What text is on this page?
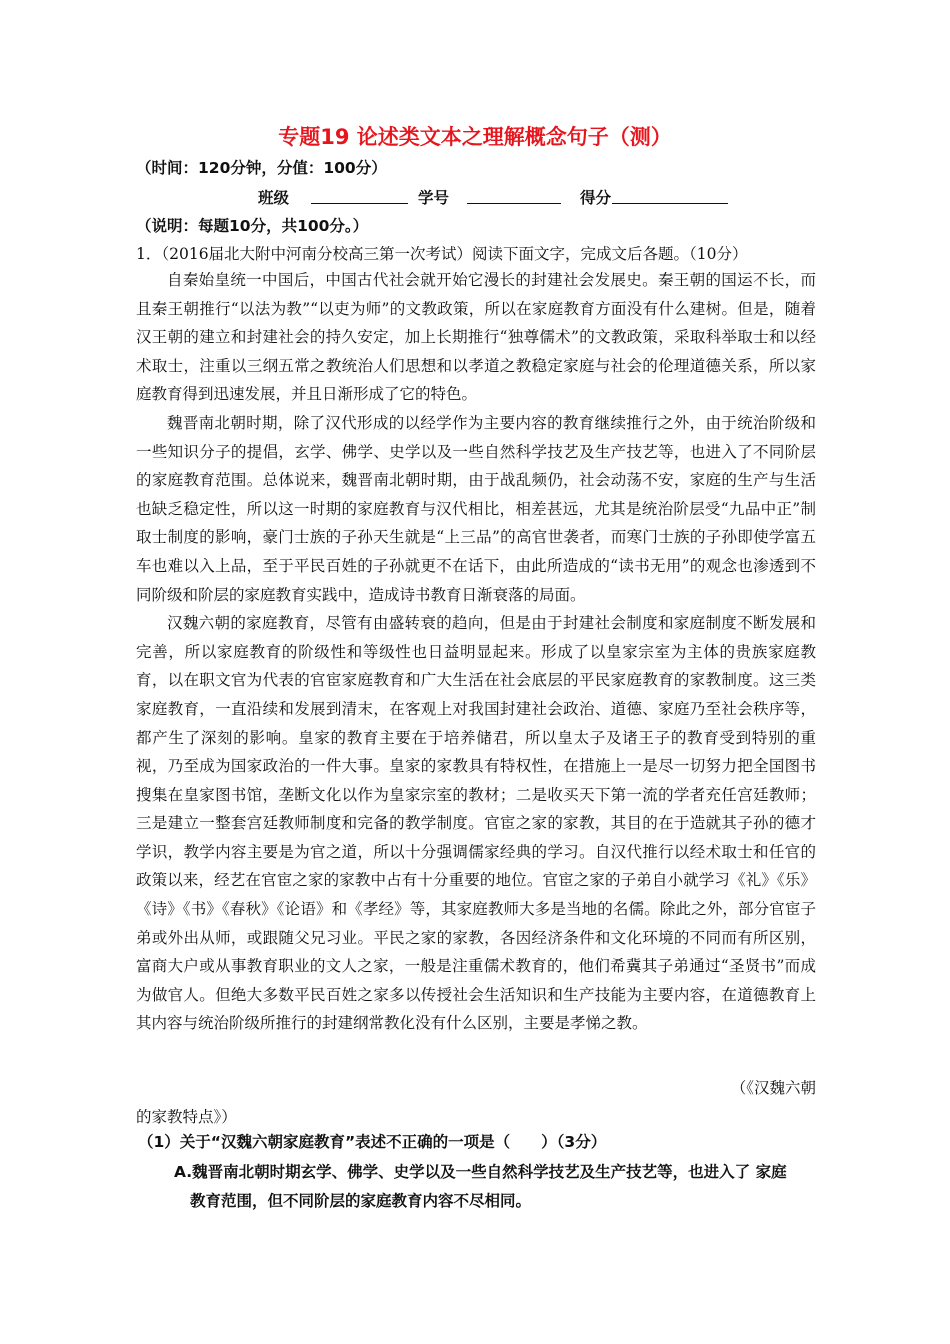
专题19 论述类文本之理解概念句子（测）
（时间：120分钟，分值：100分）
班级	学号	得分
（说明：每题10分，共100分。）
1．（2016届北大附中河南分校高三第一次考试）阅读下面文字，完成文后各题。（10分）

自秦始皇统一中国后，中国古代社会就开始它漫长的封建社会发展史。秦王朝的国运不长，而且秦王朝推行“以法为教”“以吏为师”的文教政策，所以在家庭教育方面没有什么建树。但是，随着汉王朝的建立和封建社会的持久安定，加上长期推行“独尊儒术”的文教政策，采取科举取士和以经术取士，注重以三纲五常之教统治人们思想和以孝道之教稳定家庭与社会的伦理道德关系，所以家庭教育得到迅速发展，并且日渐形成了它的特色。

魏晋南北朝时期，除了汉代形成的以经学作为主要内容的教育继续推行之外，由于统治阶级和一些知识分子的提倡，玄学、佛学、史学以及一些自然科学技艺及生产技艺等，也进入了不同阶层的家庭教育范围。总体说来，魏晋南北朝时期，由于战乱频仍，社会动荡不安，家庭的生产与生活也缺乏稳定性，所以这一时期的家庭教育与汉代相比，相差甚远，尤其是统治阶层受“九品中正”制取士制度的影响，豪门士族的子孙天生就是“上三品”的高官世袭者，而寒门士族的子孙即使学富五车也难以入上品，至于平民百姓的子孙就更不在话下，由此所造成的“读书无用”的观念也渗透到不同阶级和阶层的家庭教育实践中，造成诗书教育日渐衰落的局面。

汉魏六朝的家庭教育，尽管有由盛转衰的趋向，但是由于封建社会制度和家庭制度不断发展和完善，所以家庭教育的阶级性和等级性也日益明显起来。形成了以皇家宗室为主体的贵族家庭教育，以在职文官为代表的官宦家庭教育和广大生活在社会底层的平民家庭教育的家教制度。这三类家庭教育，一直沿续和发展到清末，在客观上对我国封建社会政治、道德、家庭乃至社会秩序等，都产生了深刻的影响。皇家的教育主要在于培养储君，所以皇太子及诸王子的教育受到特别的重视，乃至成为国家政治的一件大事。皇家的家教具有特权性，在措施上一是尽一切努力把全国图书搜集在皇家图书馆，垄断文化以作为皇家宗室的教材；二是收买天下第一流的学者充任宫廷教师；三是建立一整套宫廷教师制度和完备的教学制度。官宦之家的家教，其目的在于造就其子孙的德才学识，教学内容主要是为官之道，所以十分强调儒家经典的学习。自汉代推行以经术取士和任官的政策以来，经艺在官宦之家的家教中占有十分重要的地位。官宦之家的子弟自小就学习《礼》《乐》《诗》《书》《春秋》《论语》和《孝经》等，其家庭教师大多是当地的名儒。除此之外，部分官宦子弟或外出从师，或跟随父兄习业。平民之家的家教，各因经济条件和文化环境的不同而有所区别，富商大户或从事教育职业的文人之家，一般是注重儒术教育的，他们希冀其子弟通过“圣贤书”而成为做官人。但绝大多数平民百姓之家多以传授社会生活知识和生产技能为主要内容，在道德教育上其内容与统治阶级所推行的封建纲常教化没有什么区别，主要是孝悌之教。

（《汉魏六朝
的家教特点》）
（1）关于“汉魏六朝家庭教育”表述不正确的一项是（　　）（3分）
A.魏晋南北朝时期玄学、佛学、史学以及一些自然科学技艺及生产技艺等，也进入了 家庭
教育范围，但不同阶层的家庭教育内容不尽相同。
